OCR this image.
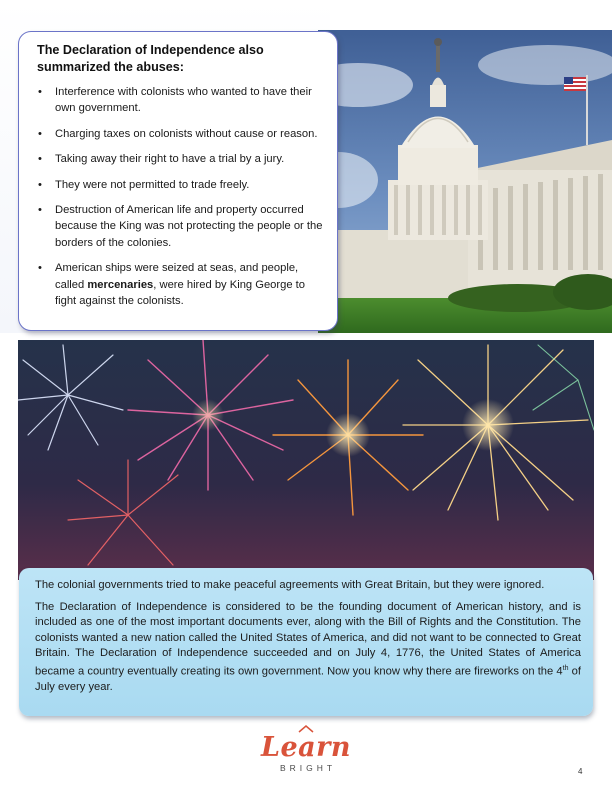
The Declaration of Independence also summarized the abuses:
• Interference with colonists who wanted to have their own government.
• Charging taxes on colonists without cause or reason.
• Taking away their right to have a trial by a jury.
• They were not permitted to trade freely.
• Destruction of American life and property occurred because the King was not protecting the people or the borders of the colonies.
• American ships were seized at seas, and people, called mercenaries, were hired by King George to fight against the colonists.

The colonial governments tried to make peaceful agreements with Great Britain, but they were ignored.

The Declaration of Independence is considered to be the founding document of American history, and is included as one of the most important documents ever, along with the Bill of Rights and the Constitution. The colonists wanted a new nation called the United States of America, and did not want to be connected to Great Britain. The Declaration of Independence succeeded and on July 4, 1776, the United States of America became a country eventually creating its own government. Now you know why there are fireworks on the 4th of July every year.

Learn
BRIGHT	4
